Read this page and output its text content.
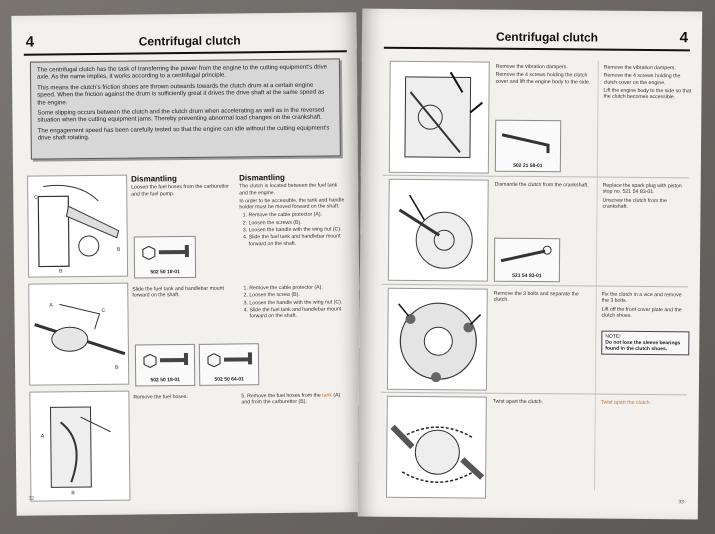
4	Centrifugal clutch

The centrifugal clutch has the task of transferring the power from the engine to the cutting equipment's drive axle. As the name implies, it works according to a centrifugal principle.

This means the clutch's friction shoes are thrown outwards towards the clutch drum at a certain engine speed. When the friction against the drum is sufficiently great it drives the drive shaft at the same speed as the engine.

Some slipping occurs between the clutch and the clutch drum when accelerating as well as in the reversed situation when the cutting equipment jams. Thereby preventing abnormal load changes on the crankshaft.

The engagement speed has been carefully tested so that the engine can idle without the cutting equipment's drive shaft rotating.

C
B
B
Dismantling

Loosen the fuel hoses from the carburettor and the fuel pump.

502 50 18-01
Dismantling

The clutch is located between the fuel tank and the engine.

In order to be accessible, the tank and handle holder must be moved forward on the shaft.

1. Remove the cable protector (A).
2. Loosen the screws (B).
3. Loosen the handle with the wing nut (C).
4. Slide the fuel tank and handlebar mount forward on the shaft.
C
A
B

Slide the fuel tank and handlebar mount forward on the shaft.

502 50 18-01	502 50 64-01
1. Remove the cable protector (A).
2. Loosen the screw (B).
3. Loosen the handle with the wing nut (C).
4. Slide the fuel tank and handlebar mount forward on the shaft.
A
B

Remove the fuel hoses.	5. Remove the fuel hoses from the tank (A) and from the carburettor (B).

32
Centrifugal clutch	4

Remove the vibration dampers.

Remove the 4 screws holding the clutch cover and lift the engine body to the side.

502 21 58-01

Remove the vibration dampers.

Remove the 4 screws holding the clutch cover on the engine.

Lift the engine body to the side so that the clutch becomes accessible.

Dismantle the clutch from the crankshaft.

521 54 83-01

Replace the spark plug with piston stop no. 521 54 83-01.

Unscrew the clutch from the crankshaft.

Remove the 3 bolts and separate the clutch.

Fix the clutch in a vice and remove the 3 bolts.

Lift off the front cover plate and the clutch shoes.

NOTE!
Do not lose the sleeve bearings found in the clutch shoes.

Twist apart the clutch.	Twist apart the clutch.

33
